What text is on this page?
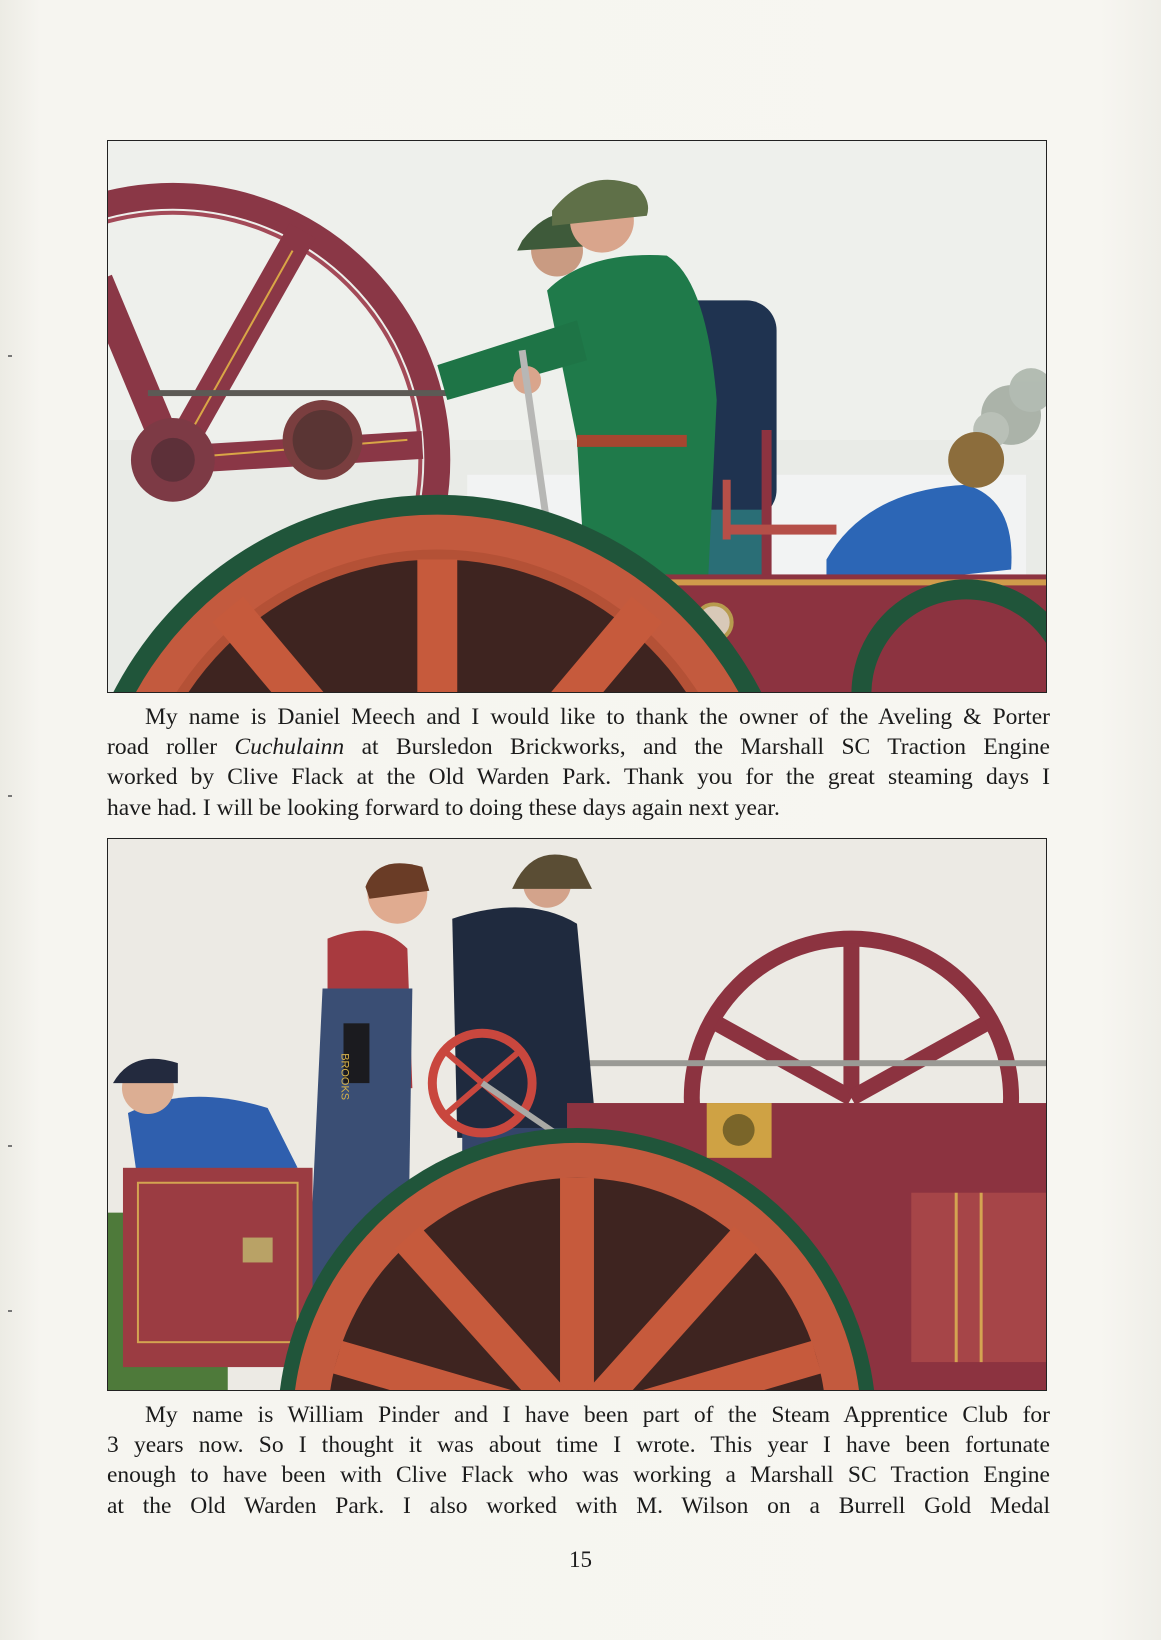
My name is Daniel Meech and I would like to thank the owner of the Aveling & Porter
road roller Cuchulainn at Bursledon Brickworks, and the Marshall SC Traction Engine
worked by Clive Flack at the Old Warden Park. Thank you for the great steaming days I
have had. I will be looking forward to doing these days again next year.
BROOKS
My name is William Pinder and I have been part of the Steam Apprentice Club for
3 years now. So I thought it was about time I wrote. This year I have been fortunate
enough to have been with Clive Flack who was working a Marshall SC Traction Engine
at the Old Warden Park. I also worked with M. Wilson on a Burrell Gold Medal
15
